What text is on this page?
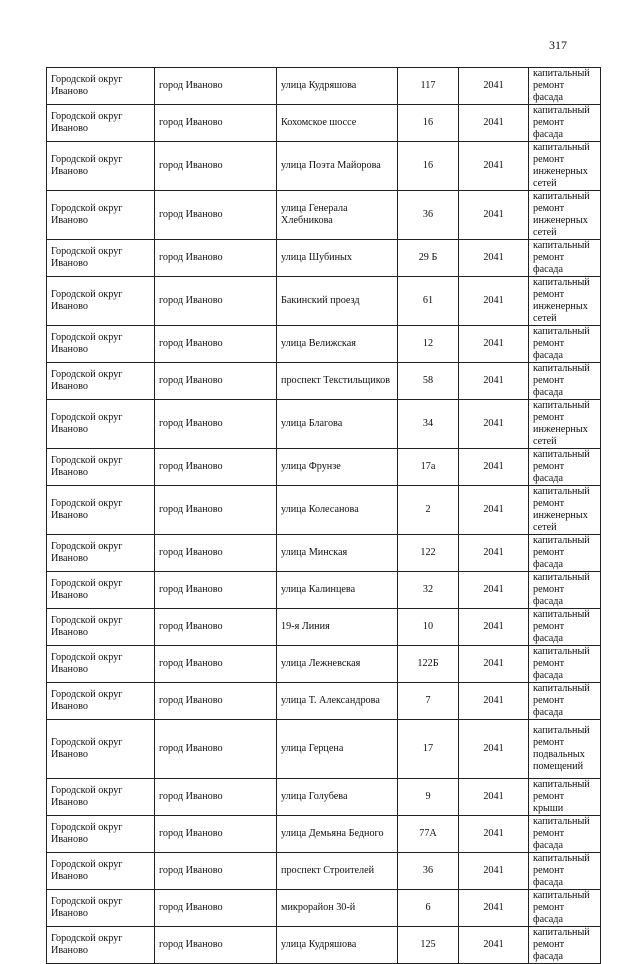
317
Городской округ Иваново	город Иваново	улица Кудряшова	117	2041	капитальный ремонт фасада
Городской округ Иваново	город Иваново	Кохомское шоссе	16	2041	капитальный ремонт фасада
Городской округ Иваново	город Иваново	улица Поэта Майорова	16	2041	капитальный ремонт инженерных сетей
Городской округ Иваново	город Иваново	улица Генерала Хлебникова	36	2041	капитальный ремонт инженерных сетей
Городской округ Иваново	город Иваново	улица Шубиных	29 Б	2041	капитальный ремонт фасада
Городской округ Иваново	город Иваново	Бакинский проезд	61	2041	капитальный ремонт инженерных сетей
Городской округ Иваново	город Иваново	улица Велижская	12	2041	капитальный ремонт фасада
Городской округ Иваново	город Иваново	проспект Текстильщиков	58	2041	капитальный ремонт фасада
Городской округ Иваново	город Иваново	улица Благова	34	2041	капитальный ремонт инженерных сетей
Городской округ Иваново	город Иваново	улица Фрунзе	17а	2041	капитальный ремонт фасада
Городской округ Иваново	город Иваново	улица Колесанова	2	2041	капитальный ремонт инженерных сетей
Городской округ Иваново	город Иваново	улица Минская	122	2041	капитальный ремонт фасада
Городской округ Иваново	город Иваново	улица Калинцева	32	2041	капитальный ремонт фасада
Городской округ Иваново	город Иваново	19-я Линия	10	2041	капитальный ремонт фасада
Городской округ Иваново	город Иваново	улица Лежневская	122Б	2041	капитальный ремонт фасада
Городской округ Иваново	город Иваново	улица Т. Александрова	7	2041	капитальный ремонт фасада
Городской округ Иваново	город Иваново	улица Герцена	17	2041	капитальный ремонт подвальных помещений
Городской округ Иваново	город Иваново	улица Голубева	9	2041	капитальный ремонт крыши
Городской округ Иваново	город Иваново	улица Демьяна Бедного	77А	2041	капитальный ремонт фасада
Городской округ Иваново	город Иваново	проспект Строителей	36	2041	капитальный ремонт фасада
Городской округ Иваново	город Иваново	микрорайон 30-й	6	2041	капитальный ремонт фасада
Городской округ Иваново	город Иваново	улица Кудряшова	125	2041	капитальный ремонт фасада
